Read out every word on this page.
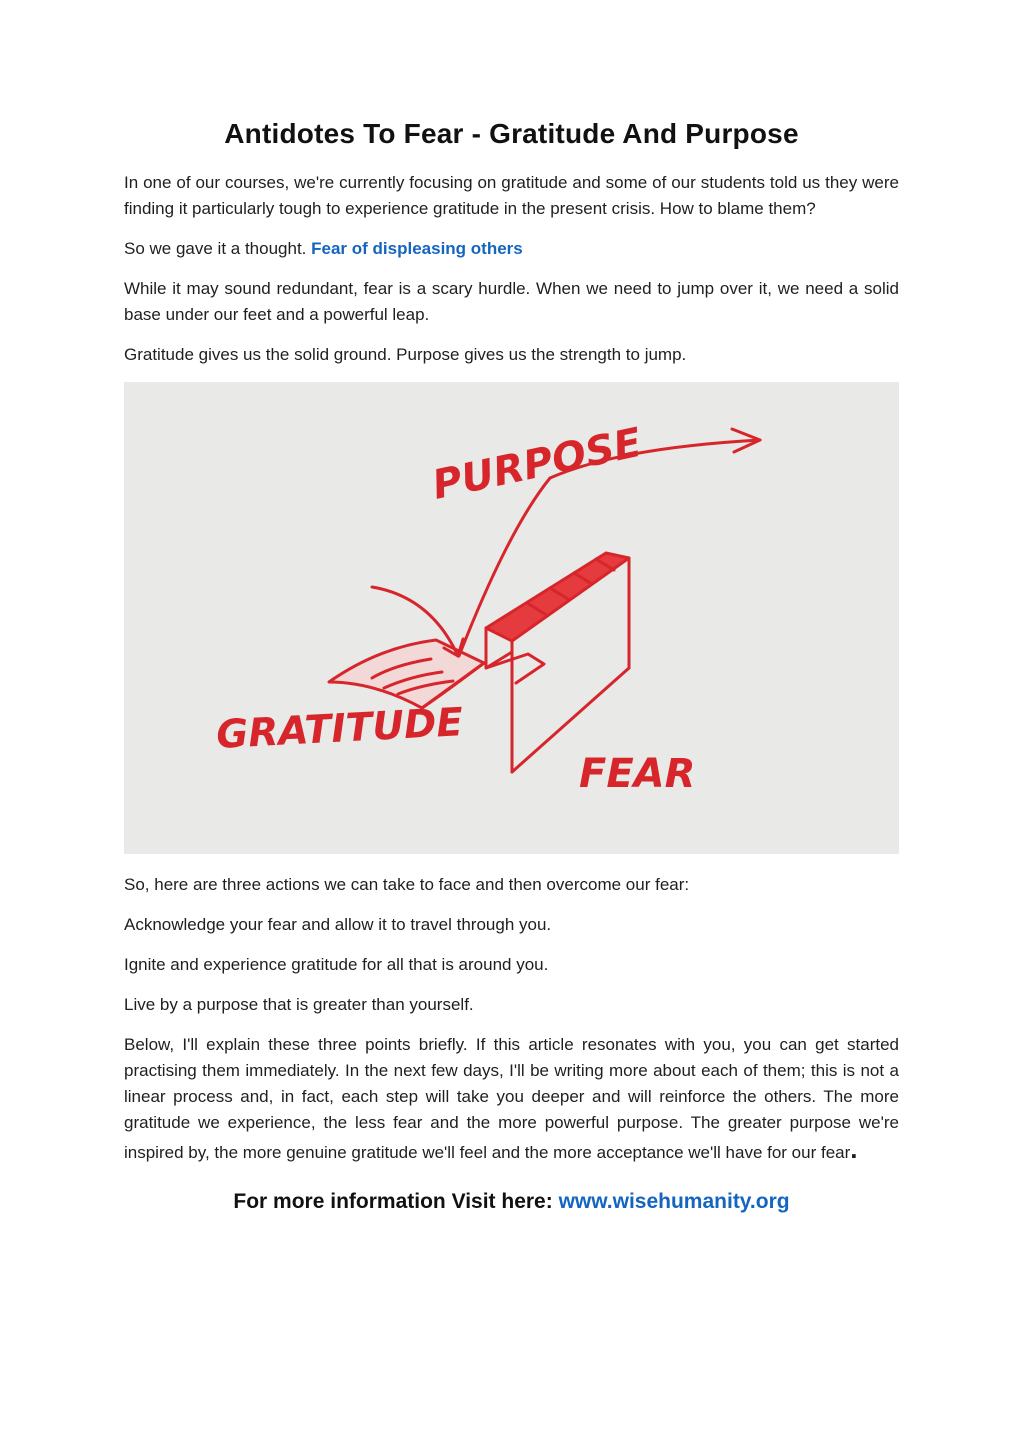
Antidotes To Fear - Gratitude And Purpose

In one of our courses, we're currently focusing on gratitude and some of our students told us they were finding it particularly tough to experience gratitude in the present crisis. How to blame them?

So we gave it a thought. Fear of displeasing others

While it may sound redundant, fear is a scary hurdle. When we need to jump over it, we need a solid base under our feet and a powerful leap.

Gratitude gives us the solid ground. Purpose gives us the strength to jump.

PURPOSE
GRATITUDE
FEAR

So, here are three actions we can take to face and then overcome our fear:

Acknowledge your fear and allow it to travel through you.

Ignite and experience gratitude for all that is around you.

Live by a purpose that is greater than yourself.

Below, I'll explain these three points briefly. If this article resonates with you, you can get started practising them immediately. In the next few days, I'll be writing more about each of them; this is not a linear process and, in fact, each step will take you deeper and will reinforce the others. The more gratitude we experience, the less fear and the more powerful purpose. The greater purpose we're inspired by, the more genuine gratitude we'll feel and the more acceptance we'll have for our fear.

For more information Visit here: www.wisehumanity.org
